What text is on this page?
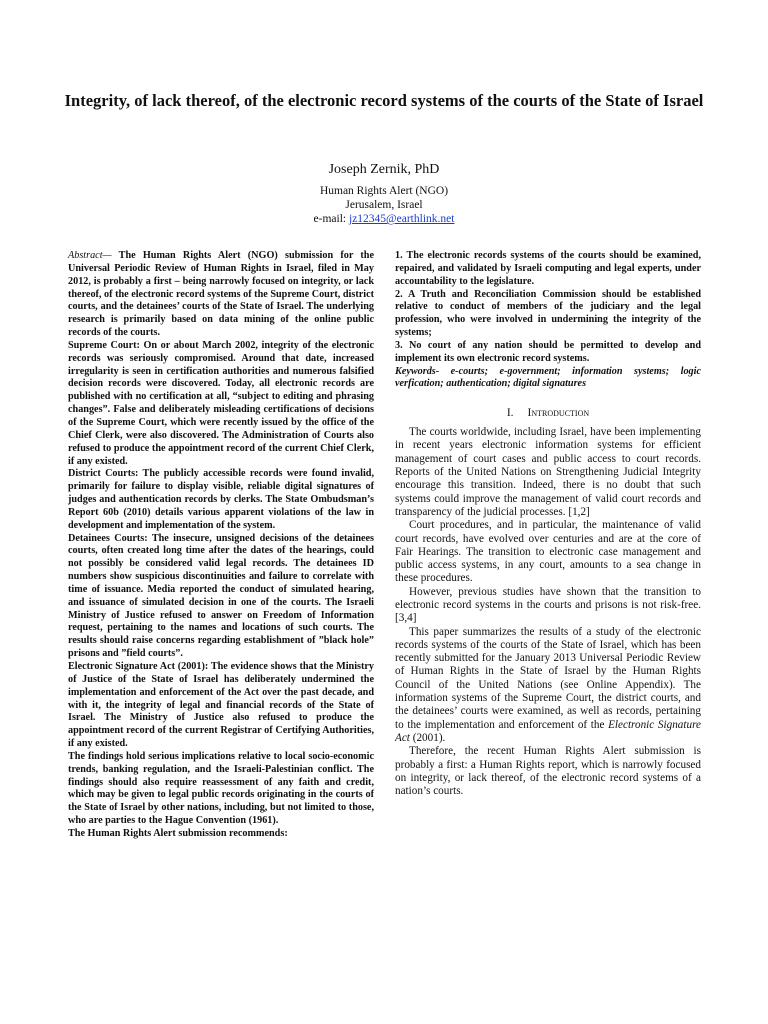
Integrity, of lack thereof, of the electronic record systems of the courts of the State of Israel
Joseph Zernik, PhD
Human Rights Alert (NGO)
Jerusalem, Israel
e-mail: jz12345@earthlink.net

Abstract— The Human Rights Alert (NGO) submission for the Universal Periodic Review of Human Rights in Israel, filed in May 2012, is probably a first – being narrowly focused on integrity, or lack thereof, of the electronic record systems of the Supreme Court, district courts, and the detainees’ courts of the State of Israel. The underlying research is primarily based on data mining of the online public records of the courts.

Supreme Court: On or about March 2002, integrity of the electronic records was seriously compromised. Around that date, increased irregularity is seen in certification authorities and numerous falsified decision records were discovered. Today, all electronic records are published with no certification at all, “subject to editing and phrasing changes”. False and deliberately misleading certifications of decisions of the Supreme Court, which were recently issued by the office of the Chief Clerk, were also discovered. The Administration of Courts also refused to produce the appointment record of the current Chief Clerk, if any existed.

District Courts: The publicly accessible records were found invalid, primarily for failure to display visible, reliable digital signatures of judges and authentication records by clerks. The State Ombudsman’s Report 60b (2010) details various apparent violations of the law in development and implementation of the system.

Detainees Courts: The insecure, unsigned decisions of the detainees courts, often created long time after the dates of the hearings, could not possibly be considered valid legal records. The detainees ID numbers show suspicious discontinuities and failure to correlate with time of issuance. Media reported the conduct of simulated hearing, and issuance of simulated decision in one of the courts. The Israeli Ministry of Justice refused to answer on Freedom of Information request, pertaining to the names and locations of such courts. The results should raise concerns regarding establishment of ”black hole” prisons and ”field courts”.

Electronic Signature Act (2001): The evidence shows that the Ministry of Justice of the State of Israel has deliberately undermined the implementation and enforcement of the Act over the past decade, and with it, the integrity of legal and financial records of the State of Israel. The Ministry of Justice also refused to produce the appointment record of the current Registrar of Certifying Authorities, if any existed.

The findings hold serious implications relative to local socio-economic trends, banking regulation, and the Israeli-Palestinian conflict. The findings should also require reassessment of any faith and credit, which may be given to legal public records originating in the courts of the State of Israel by other nations, including, but not limited to those, who are parties to the Hague Convention (1961).

The Human Rights Alert submission recommends:

1. The electronic records systems of the courts should be examined, repaired, and validated by Israeli computing and legal experts, under accountability to the legislature.

2. A Truth and Reconciliation Commission should be established relative to conduct of members of the judiciary and the legal profession, who were involved in undermining the integrity of the systems;

3. No court of any nation should be permitted to develop and implement its own electronic record systems.

Keywords- e-courts; e-government; information systems; logic verfication; authentication; digital signatures

I. Introduction

The courts worldwide, including Israel, have been implementing in recent years electronic information systems for efficient management of court cases and public access to court records. Reports of the United Nations on Strengthening Judicial Integrity encourage this transition. Indeed, there is no doubt that such systems could improve the management of valid court records and transparency of the judicial processes. [1,2]

Court procedures, and in particular, the maintenance of valid court records, have evolved over centuries and are at the core of Fair Hearings. The transition to electronic case management and public access systems, in any court, amounts to a sea change in these procedures.

However, previous studies have shown that the transition to electronic record systems in the courts and prisons is not risk-free. [3,4]

This paper summarizes the results of a study of the electronic records systems of the courts of the State of Israel, which has been recently submitted for the January 2013 Universal Periodic Review of Human Rights in the State of Israel by the Human Rights Council of the United Nations (see Online Appendix). The information systems of the Supreme Court, the district courts, and the detainees’ courts were examined, as well as records, pertaining to the implementation and enforcement of the Electronic Signature Act (2001).

Therefore, the recent Human Rights Alert submission is probably a first: a Human Rights report, which is narrowly focused on integrity, or lack thereof, of the electronic record systems of a nation’s courts.
